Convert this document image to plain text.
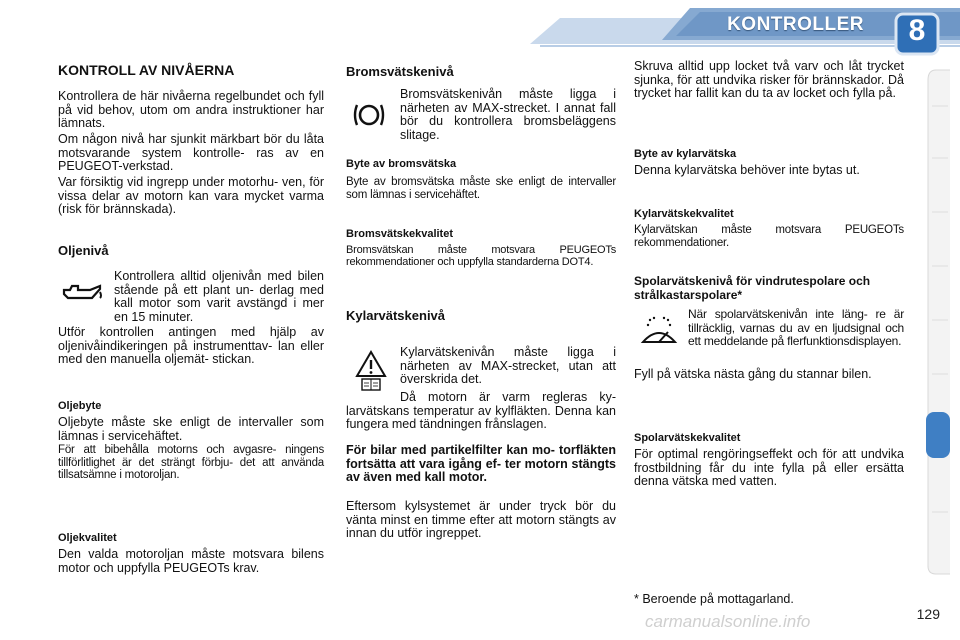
KONTROLLER 8
KONTROLL AV NIVÅERNA

Kontrollera de här nivåerna regelbundet och fyll på vid behov, utom om andra instruktioner har lämnats.

Om någon nivå har sjunkit märkbart bör du låta motsvarande system kontrolle- ras av en PEUGEOT-verkstad.

Var försiktig vid ingrepp under motorhu- ven, för vissa delar av motorn kan vara mycket varma (risk för brännskada).

Oljenivå

Kontrollera alltid oljenivån med bilen stående på ett plant un- derlag med kall motor som varit avstängd i mer en 15 minuter.

Utför kontrollen antingen med hjälp av oljenivåindikeringen på instrumenttav- lan eller med den manuella oljemät- stickan.

Oljebyte

Oljebyte måste ske enligt de intervaller som lämnas i servicehäftet.

För att bibehålla motorns och avgasre- ningens tillförlitlighet är det strängt förbju- det att använda tillsatsämne i motoroljan.

Oljekvalitet

Den valda motoroljan måste motsvara bilens motor och uppfylla PEUGEOTs krav.

Bromsvätskenivå

Bromsvätskenivån måste ligga i närheten av MAX-strecket. I annat fall bör du kontrollera bromsbeläggens slitage.

Byte av bromsvätska

Byte av bromsvätska måste ske enligt de intervaller som lämnas i servicehäftet.

Bromsvätskekvalitet

Bromsvätskan måste motsvara PEUGEOTs rekommendationer och uppfylla standarderna DOT4.

Kylarvätskenivå

Kylarvätskenivån måste ligga i närheten av MAX-strecket, utan att överskrida det.

Då motorn är varm regleras ky- larvätskans temperatur av kylfläkten. Denna kan fungera med tändningen frånslagen.

För bilar med partikelfilter kan mo- torfläkten fortsätta att vara igång ef- ter motorn stängts av även med kall motor.

Eftersom kylsystemet är under tryck bör du vänta minst en timme efter att motorn stängts av innan du utför ingreppet.

Skruva alltid upp locket två varv och låt trycket sjunka, för att undvika risker för brännskador. Då trycket har fallit kan du ta av locket och fylla på.

Byte av kylarvätska

Denna kylarvätska behöver inte bytas ut.

Kylarvätskekvalitet

Kylarvätskan måste motsvara PEUGEOTs rekommendationer.

Spolarvätskenivå för vindrutespolare och strålkastarspolare*

När spolarvätskenivån inte läng- re är tillräcklig, varnas du av en ljudsignal och ett meddelande på flerfunktionsdisplayen.

Fyll på vätska nästa gång du stannar bilen.

Spolarvätskekvalitet

För optimal rengöringseffekt och för att undvika frostbildning får du inte fylla på eller ersätta denna vätska med vatten.

* Beroende på mottagarland.
129
carmanualsonline.info
